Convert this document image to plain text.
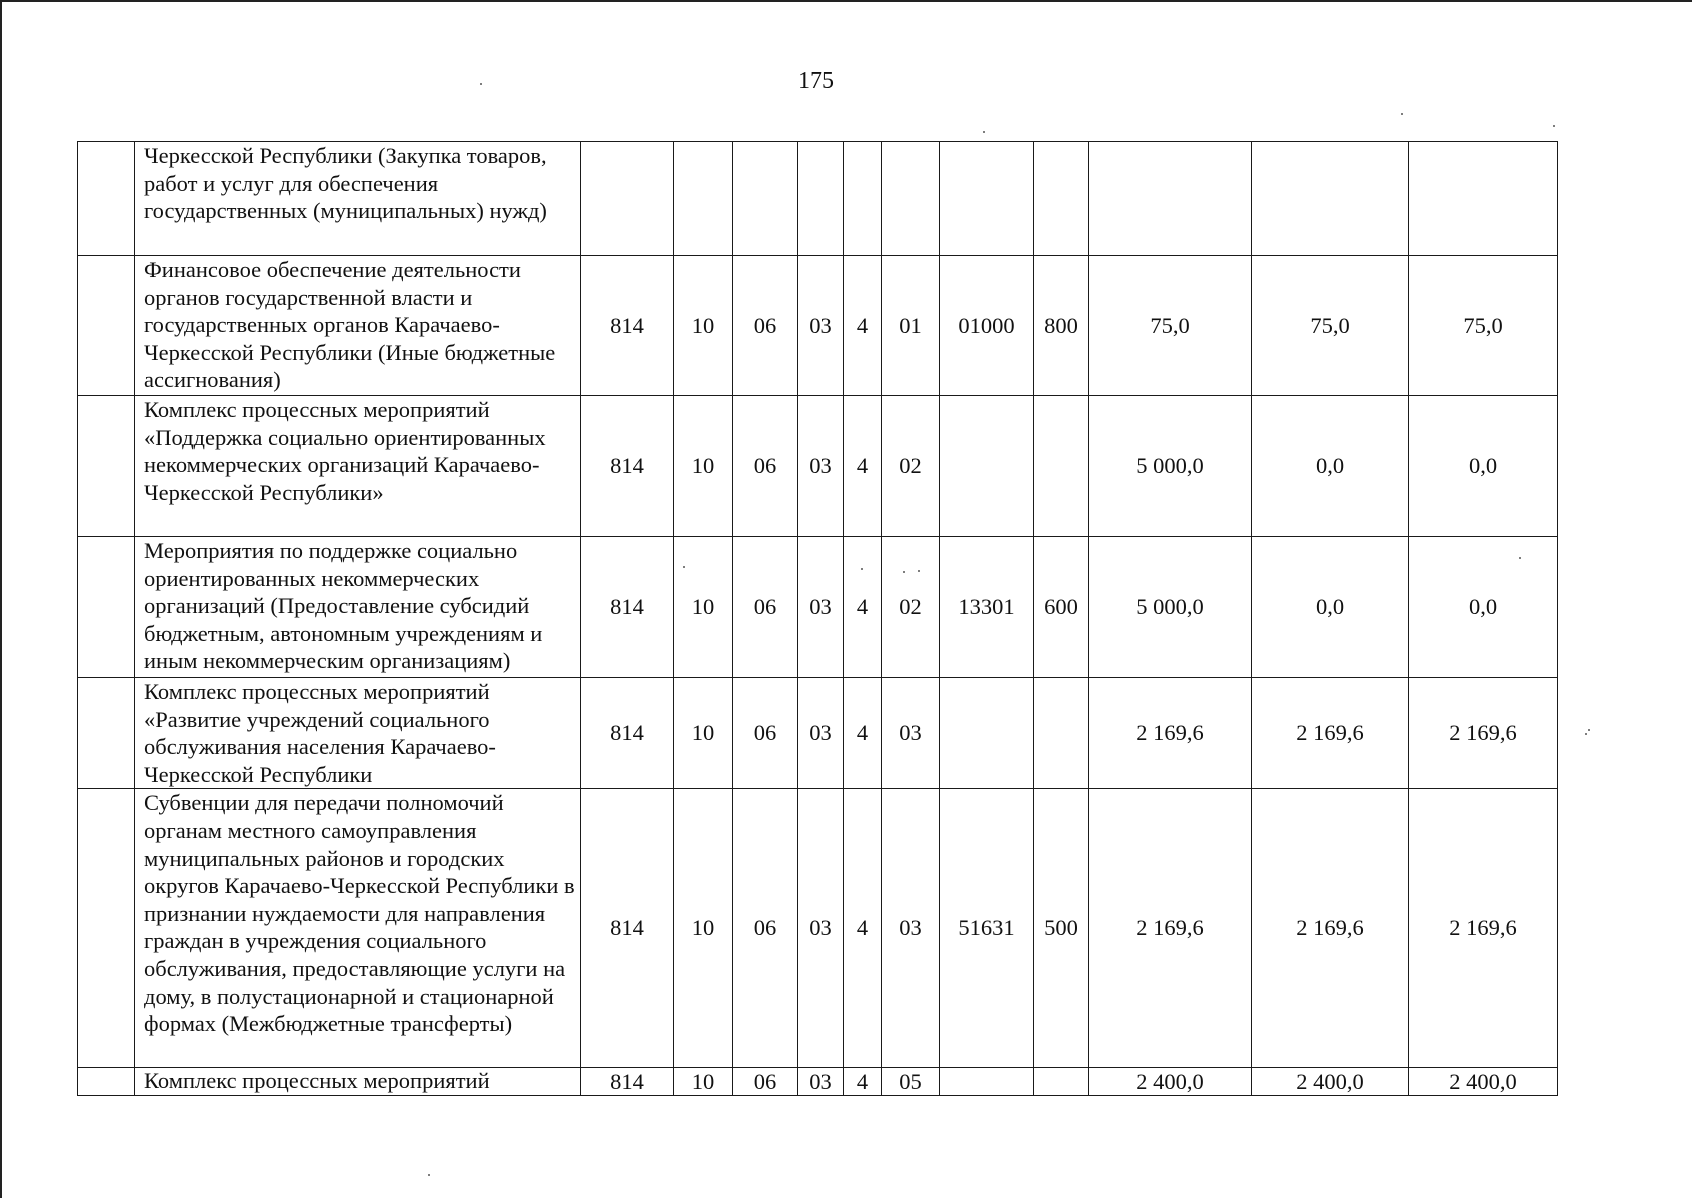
175
	Черкесской Республики (Закупка товаров, работ и услуг для обеспечения государственных (муниципальных) нужд)											
	Финансовое обеспечение деятельности органов государственной власти и государственных органов Карачаево-Черкесской Республики (Иные бюджетные ассигнования)	814	10	06	03	4	01	01000	800	75,0	75,0	75,0
	Комплекс процессных мероприятий «Поддержка социально ориентированных некоммерческих организаций Карачаево-Черкесской Республики»	814	10	06	03	4	02			5 000,0	0,0	0,0
	Мероприятия по поддержке социально ориентированных некоммерческих организаций (Предоставление субсидий бюджетным, автономным учреждениям и иным некоммерческим организациям)	814	10	06	03	4	02	13301	600	5 000,0	0,0	0,0
	Комплекс процессных мероприятий «Развитие учреждений социального обслуживания населения Карачаево-Черкесской Республики	814	10	06	03	4	03			2 169,6	2 169,6	2 169,6
	Субвенции для передачи полномочий органам местного самоуправления муниципальных районов и городских округов Карачаево-Черкесской Республики в признании нуждаемости для направления граждан в учреждения социального обслуживания, предоставляющие услуги на дому, в полустационарной и стационарной формах (Межбюджетные трансферты)	814	10	06	03	4	03	51631	500	2 169,6	2 169,6	2 169,6
	Комплекс процессных мероприятий	814	10	06	03	4	05			2 400,0	2 400,0	2 400,0
